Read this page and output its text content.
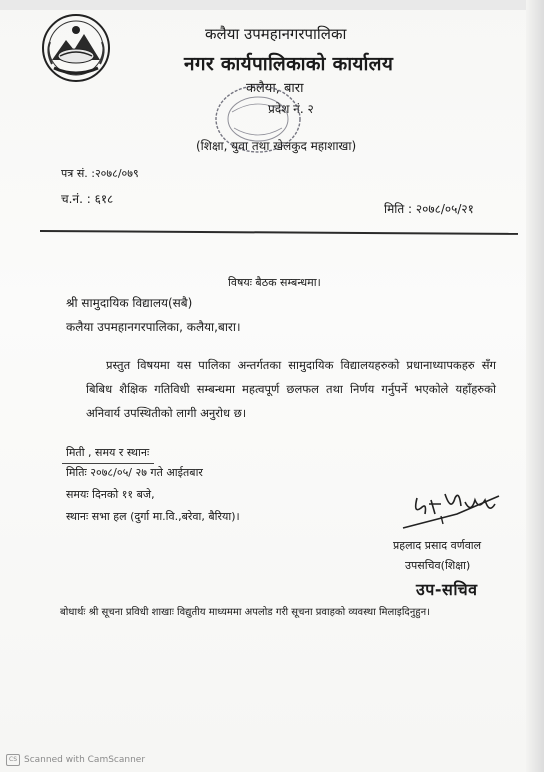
कलैया उपमहानगरपालिका
नगर कार्यपालिकाको कार्यालय
कलैया, बारा
प्रदेश नं. २
(शिक्षा, युवा तथा खेलकुद महाशाखा)
पत्र सं. :२०७८/०७९
च.नं. : ६१८
मिति : २०७८/०५/२१
विषयः बैठक सम्बन्धमा।
श्री सामुदायिक विद्यालय(सबै)
कलैया उपमहानगरपालिका, कलैया,बारा।
प्रस्तुत विषयमा यस पालिका अन्तर्गतका सामुदायिक विद्यालयहरुको प्रधानाध्यापकहरु सँग बिबिध शैक्षिक गतिविधी सम्बन्धमा महत्वपूर्ण छलफल तथा निर्णय गर्नुपर्ने भएकोले यहाँहरुको अनिवार्य उपस्थितीको लागी अनुरोध छ।
मिती , समय र स्थानः
मितिः २०७८/०५/ २७ गते आईतबार
समयः दिनको ११ बजे,
स्थानः सभा हल (दुर्गा मा.वि.,बरेवा, बैरिया)।
प्रहलाद प्रसाद वर्णवाल
उपसचिव(शिक्षा)
उप-सचिव
बोधार्थः श्री सूचना प्रविधी शाखाः विद्युतीय माध्यममा अपलोड गरी सूचना प्रवाहको व्यवस्था मिलाइदिनुहुन।
CS Scanned with CamScanner
